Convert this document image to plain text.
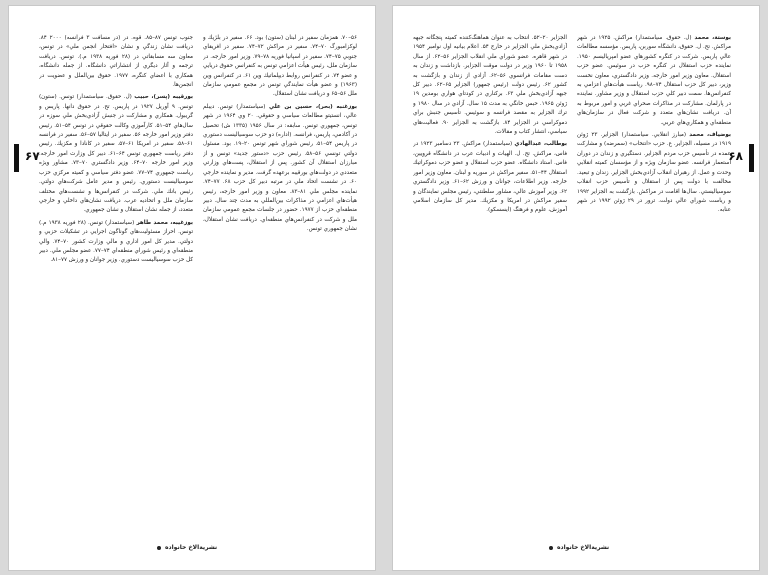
۶۷

۵۶–۷۰. همزمان سفير در لبنان (ستون) بود. ۶۶. سفير در بلژيك و لوكزامبورگ ۷۰–۷۴. سفير در مراكش ۷۲–۷۴. سفير در افريقاي جنوبي ۷۵–۷۴. سفير در اسپانيا فوريه ۷۸–۷۹. وزير امور خارجه. در سازمان ملل، رئيس هيأت اعزامي تونس به كنفرانس حقوق دريايي و عضو ۷۴. در كنفرانس روابط ديپلماتيك وين ۶۱. در كنفرانس وين (۱۹۶۳) و عضو هيأت نمايندگي تونس در مجمع عمومي سازمان ملل ۵۶–۶۵ و دريافت نشان استقلال.

بوزغنبه (بحر)، حسين بن علي (سياستمدار) تونس. ديبلم عالي، انستيتو مطالعات سياسي و حقوقي. ۲۰ وي ۱۹۶۴ در شهر تونس، جمهوري تونس. سابقه: در سال ۱۹۵۶ (۱۳۳۵ ش) تحصيل در آكادمي، پاريس، فرانسه. (اداره) دو حزب سوسياليست دستوري در پاريس ۵۴–۵۱. رئيس شوراي شهر تونس ۲۰–۱۹. بود. مسئول دولتي تونسي ۵۶–۵۸. رئيس حزب «دستور جديد» تونس و از مبارزان استقلال آن كشور. پس از استقلال، پست‌هاي وزارتي متعددي در دولت‌هاي بورقيبه برعهده گرفت. مدير و نماينده خارجي ۶۰. در نشست اتحاد ملي در مرتبه دبير كل حزب ۶۸. ۷۷–۷۴. نماينده مجلس ملي ۸۱–۸۳. معاون و وزير امور خارجه، رئيس هيأت‌هاي اعزامي در مذاكرات بين‌المللي به مدت چند سال. دبير منطقه‌اي حزب از ۱۹۷۷. حضور در جلسات مجمع عمومي سازمان ملل و شركت در كنفرانس‌هاي منطقه‌اي. دريافت نشان استقلال، نشان جمهوري تونس.

جنوب تونس ۸۷–۸۵. قوه. در (در مسافت ۳ فرانسه) ۲۰۰۰ ۸۴. دريافت نشان زندگي و نشان «افتخار انجمن ملي» در تونس، معاون سه مسابقاتي در (۲۸ فوريه ۱۹۳۸ م.). تونس. دريافت ترجمه و آثار ديگري از انتشاراتي دانشگاه. از جمله دانشگاه، همكاري با اعضاي كنگره، ۱۹۷۷. حقوق بين‌الملل و عضويت در انجمن‌ها.

بورقيبه (پسر)، حبيب (ل. حقوق. سياستمدار) تونس. (ستون) تونس. ۹ آوريل ۱۹۲۷ در پاريس. تح. در حقوق دانها. پاريس و گريبول. همكاري و مشاركت در جنبش آزادي‌بخش ملي سوزه در سال‌هاي ۵۴–۵۱. كارآموزي وكالت حقوقي در تونس ۵۴–۵۱. رئيس دفتر وزير امور خارجه ۵۶. سفير در ايتاليا ۵۷–۵۶. سفير در فرانسه ۶۱–۵۸. سفير در امريكا ۶۱–۵۷. سفير در كانادا و مكزيك. رئيس دفتر رياست جمهوري تونس ۶۴–۶۱. دبير كل وزارت امور خارجه. وزير امور خارجه ۷۰–۶۴. وزير دادگستري ۷۰–۷۳. مشاور ويژه رياست جمهوري ۷۴–۷۷. عضو دفتر سياسي و كميته مركزي حزب سوسياليست دستوري. رئيس و مدير عامل شركت‌هاي دولتي. رئيس بانك ملي. شركت در كنفرانس‌ها و نشست‌هاي مختلف سازمان ملل و اتحاديه عرب. دريافت نشان‌هاي داخلي و خارجي متعدد، از جمله نشان استقلال و نشان جمهوري.

بوزغيبه، محمد طاهر (سياستمدار) تونس. (۲۸ فوريه ۱۹۳۸ م.) تونس. احراز مسئوليت‌هاي گوناگون اجرايي در تشكيلات حزبي و دولتي. مدير كل امور اداري و مالي وزارت كشور ۷۰–۷۴. والي منطقه‌اي و رئيس شوراي منطقه‌اي ۷۴–۷۷. عضو مجلس ملي. دبير كل حزب سوسياليست دستوري. وزير جوانان و ورزش ۷۷–۸۱.

نشريةالاخ خانواده
۶۸

بوستة، محمد (ل. حقوق. سياستمدار) مراكش. ۱۹۲۵ در شهر مراكش. تح. ل. حقوق، دانشگاه سوربن، پاريس. مؤسسه مطالعات عالي پاريس. شركت در كنگره كشورهاي عضو امپرياليسم ۱۹۵۰. نماينده حزب استقلال در كنگره حزب در سوئيس. عضو حزب استقلال. معاون وزير امور خارجه. وزير دادگستري، معاون نخست وزير، دبير كل حزب استقلال ۷۴–۹۸. رياست هيأت‌هاي اعزامي به كنفرانس‌ها. سمت دبير كلي حزب استقلال و وزير مشاور. نماينده در پارلمان. مشاركت در مذاكرات صحراي غربي و امور مربوط به آن. دريافت نشان‌هاي متعدد و شركت فعال در سازمان‌هاي منطقه‌اي و همكاري‌هاي عربي.

بوضياف، محمد (مبارز انقلابي. سياستمدار) الجزاير. ۲۳ ژوئن ۱۹۱۹ در مسيله، الجزاير. ع. حزب «انتخاب» (سمرضه) و مشاركت عمده در تأسيس حزب مردم الجزاير. دستگيري و زندان در دوران استعمار فرانسه. عضو سازمان ويژه و از مؤسسان كميته انقلابي وحدت و عمل. از رهبران انقلاب آزادي‌بخش الجزاير. زندان و تبعيد. مخالفت با دولت پس از استقلال و تأسيس حزب انقلاب سوسياليستي. سال‌ها اقامت در مراكش. بازگشت به الجزاير ۱۹۹۲ و رياست شوراي عالي دولت. ترور در ۲۹ ژوئن ۱۹۹۲ در شهر عنابه.

الجزاير ۲۰–۵۲. انتخاب به عنوان هماهنگ‌كننده كميته پنجگانه جبهه آزادي‌بخش ملي الجزاير در خارج ۵۴. اعلام بيانيه اول نوامبر ۱۹۵۴ در شهر قاهره. عضو شوراي ملي انقلاب الجزاير ۵۶–۶۲. از سال ۱۹۵۸ تا ۱۹۶۰ وزير در دولت موقت الجزاير. بازداشت و زندان به دست مقامات فرانسوي ۵۶–۶۲. آزادي از زندان و بازگشت به كشور ۶۲. رئيس دولت (رئيس جمهور) الجزاير ۶۵–۶۲. دبير كل جبهه آزادي‌بخش ملي ۶۳. بركناري در كودتاي هواري بومدين ۱۹ ژوئن ۱۹۶۵. حبس خانگي به مدت ۱۵ سال. آزادي در سال ۱۹۸۰ و ترك الجزاير به مقصد فرانسه و سوئيس. تأسيس جنبش براي دموكراسي در الجزاير ۸۴. بازگشت به الجزاير ۹۰. فعاليت‌هاي سياسي، انتشار كتاب و مقالات.

بوطالب، عبدالهادي (سياستمدار) مراكش. ۲۳ دسامبر ۱۹۲۳ در فاس، مراكش. تح. ل. الهيات و ادبيات عرب در دانشگاه قرويين، فاس. استاد دانشگاه. عضو حزب استقلال و عضو حزب دموكراتيك استقلال ۴۴–۵۱. سفير مراكش در سوريه و لبنان. معاون وزير امور خارجه. وزير اطلاعات، جوانان و ورزش ۶۲–۶۱. وزير دادگستري ۶۲. وزير آموزش عالي، مشاور سلطنتي، رئيس مجلس نمايندگان و سفير مراكش در امريكا و مكزيك. مدير كل سازمان اسلامي آموزش، علوم و فرهنگ (ايسسكو).

نشريةالاخ خانواده
